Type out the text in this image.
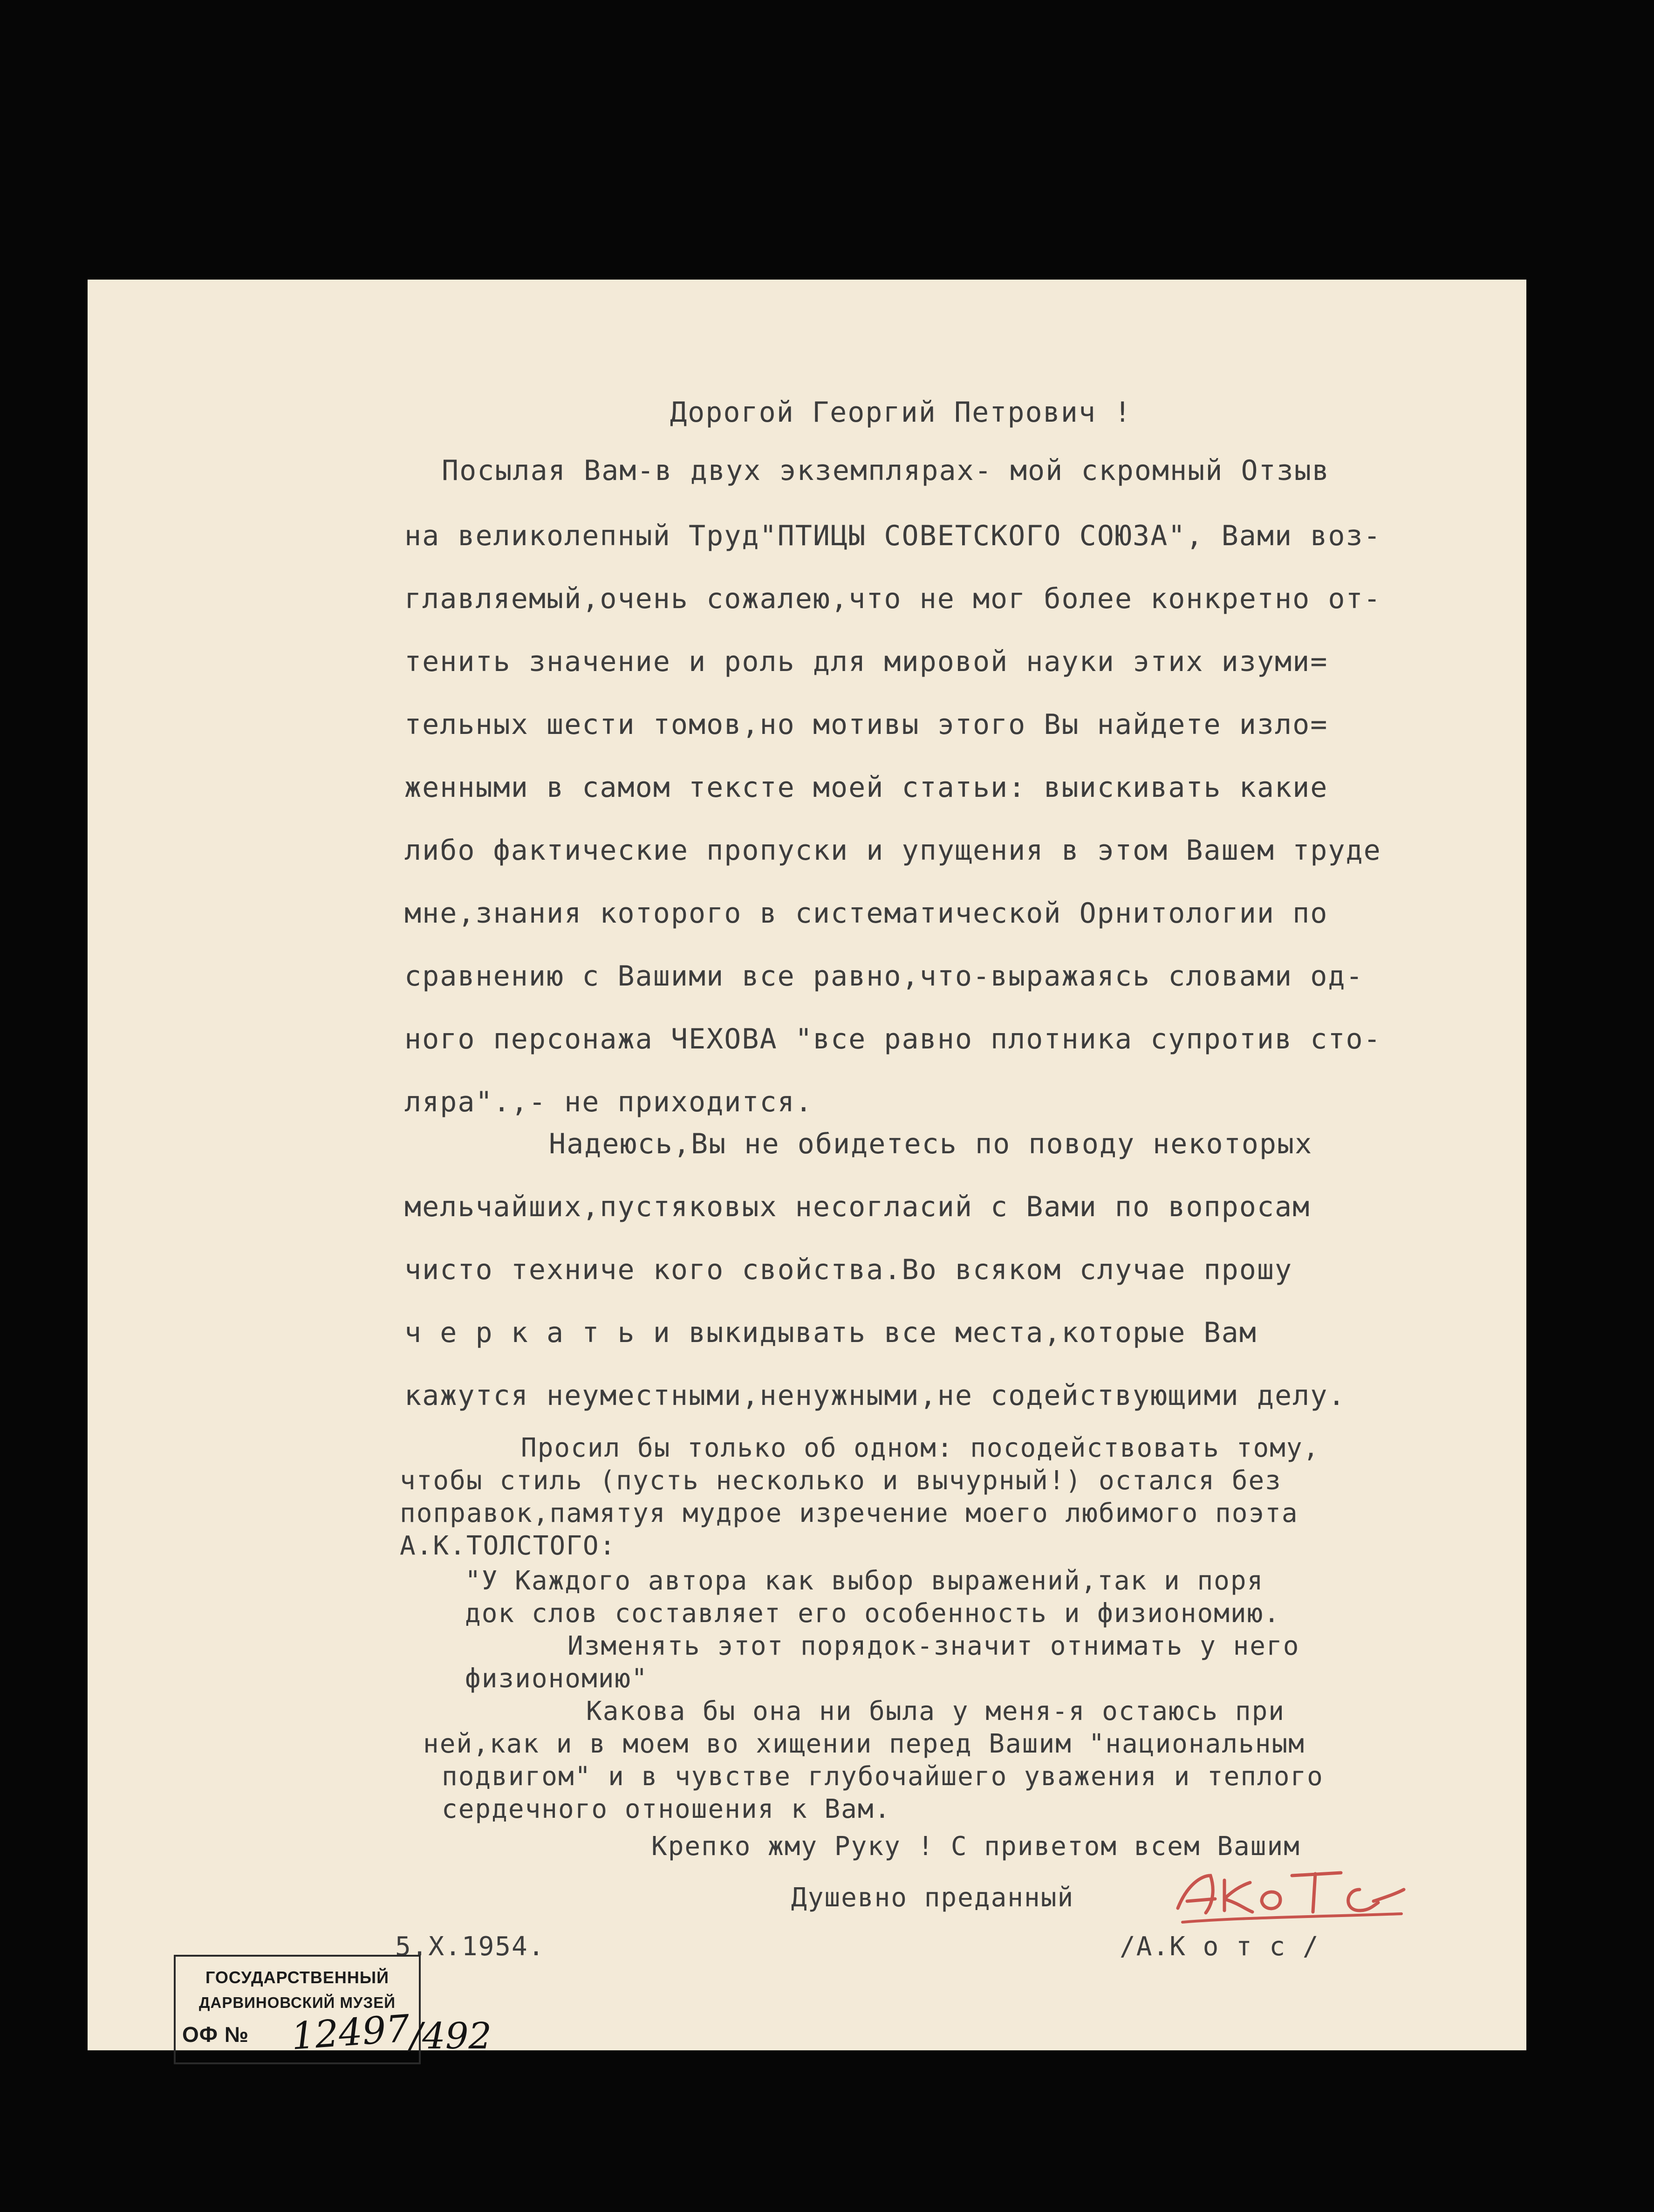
Дорогой Георгий Петрович !
Посылая Вам-в двух экземплярах- мой скромный Отзыв
на великолепный Труд"ПТИЦЫ СОВЕТСКОГО СОЮЗА", Вами воз-
главляемый,очень сожалею,что не мог более конкретно от-
тенить значение и роль для мировой науки этих изуми=
тельных шести томов,но мотивы этого Вы найдете изло=
женными в самом тексте моей статьи: выискивать какие
либо фактические пропуски и упущения в этом Вашем труде
мне,знания которого в систематической Орнитологии по
сравнению с Вашими все равно,что-выражаясь словами од-
ного персонажа ЧЕХОВА "все равно плотника супротив сто-
ляра".,- не приходится.
Надеюсь,Вы не обидетесь по поводу некоторых
мельчайших,пустяковых несогласий с Вами по вопросам
чисто техниче кого свойства.Во всяком случае прошу
ч е р к а т ь и выкидывать все места,которые Вам
кажутся неуместными,ненужными,не содействующими делу.
Просил бы только об одном: посодействовать тому,
чтобы стиль (пусть несколько и вычурный!) остался без
поправок,памятуя мудрое изречение моего любимого поэта
А.К.ТОЛСТОГО:
"У Каждого автора как выбор выражений,так и поря
док слов составляет его особенность и физиономию.
Изменять этот порядок-значит отнимать у него
физиономию"
Какова бы она ни была у меня-я остаюсь при
ней,как и в моем во хищении перед Вашим "национальным
подвигом" и в чувстве глубочайшего уважения и теплого
сердечного отношения к Вам.
Крепко жму Руку ! С приветом всем Вашим
Душевно преданный
5.Х.1954.	/А.К о т с /
ГОСУДАРСТВЕННЫЙ
ДАРВИНОВСКИЙ МУЗЕЙ
ОФ №	12497
/492
